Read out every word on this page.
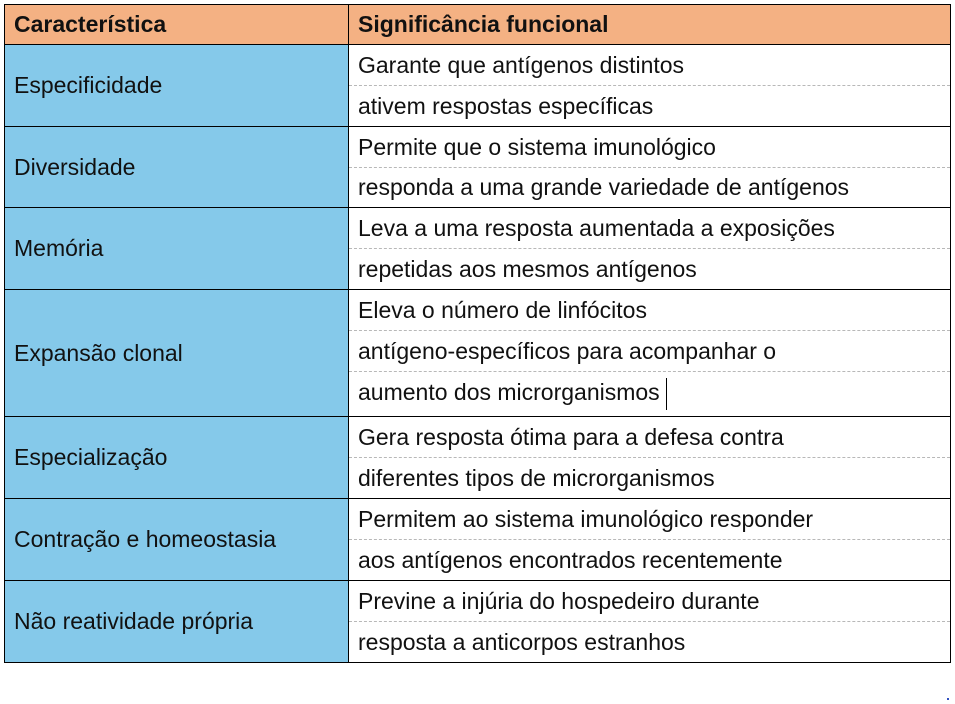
Característica	Significância funcional
Especificidade	Garante que antígenos distintos
ativem respostas específicas

Diversidade	Permite que o sistema imunológico
responda a uma grande variedade de antígenos

Memória	Leva a uma resposta aumentada a exposições
repetidas aos mesmos antígenos

Expansão clonal	Eleva o número de linfócitos
antígeno-específicos para acompanhar o
aumento dos microrganismos

Especialização	Gera resposta ótima para a defesa contra
diferentes tipos de microrganismos

Contração e homeostasia	Permitem ao sistema imunológico responder
aos antígenos encontrados recentemente

Não reatividade própria	Previne a injúria do hospedeiro durante
resposta a anticorpos estranhos
